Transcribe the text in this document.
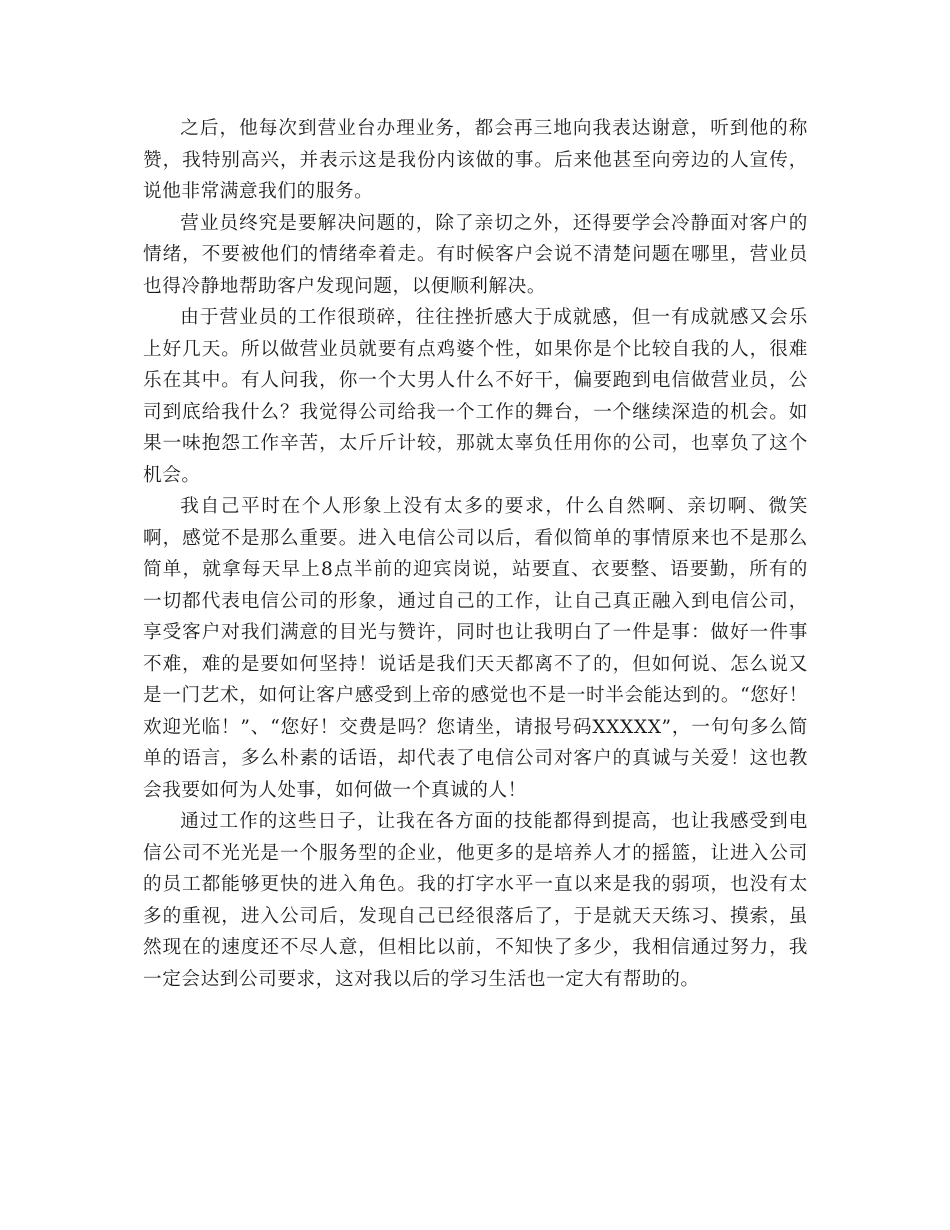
之后，他每次到营业台办理业务，都会再三地向我表达谢意，听到他的称赞，我特别高兴，并表示这是我份内该做的事。后来他甚至向旁边的人宣传，说他非常满意我们的服务。

营业员终究是要解决问题的，除了亲切之外，还得要学会冷静面对客户的情绪，不要被他们的情绪牵着走。有时候客户会说不清楚问题在哪里，营业员也得冷静地帮助客户发现问题，以便顺利解决。

由于营业员的工作很琐碎，往往挫折感大于成就感，但一有成就感又会乐上好几天。所以做营业员就要有点鸡婆个性，如果你是个比较自我的人，很难乐在其中。有人问我，你一个大男人什么不好干，偏要跑到电信做营业员，公司到底给我什么？我觉得公司给我一个工作的舞台，一个继续深造的机会。如果一味抱怨工作辛苦，太斤斤计较，那就太辜负任用你的公司，也辜负了这个机会。

我自己平时在个人形象上没有太多的要求，什么自然啊、亲切啊、微笑啊，感觉不是那么重要。进入电信公司以后，看似简单的事情原来也不是那么简单，就拿每天早上8点半前的迎宾岗说，站要直、衣要整、语要勤，所有的一切都代表电信公司的形象，通过自己的工作，让自己真正融入到电信公司，享受客户对我们满意的目光与赞许，同时也让我明白了一件是事：做好一件事不难，难的是要如何坚持！说话是我们天天都离不了的，但如何说、怎么说又是一门艺术，如何让客户感受到上帝的感觉也不是一时半会能达到的。“您好！欢迎光临！”、“您好！交费是吗？您请坐，请报号码XXXXX”，一句句多么简单的语言，多么朴素的话语，却代表了电信公司对客户的真诚与关爱！这也教会我要如何为人处事，如何做一个真诚的人！

通过工作的这些日子，让我在各方面的技能都得到提高，也让我感受到电信公司不光光是一个服务型的企业，他更多的是培养人才的摇篮，让进入公司的员工都能够更快的进入角色。我的打字水平一直以来是我的弱项，也没有太多的重视，进入公司后，发现自己已经很落后了，于是就天天练习、摸索，虽然现在的速度还不尽人意，但相比以前，不知快了多少，我相信通过努力，我一定会达到公司要求，这对我以后的学习生活也一定大有帮助的。
